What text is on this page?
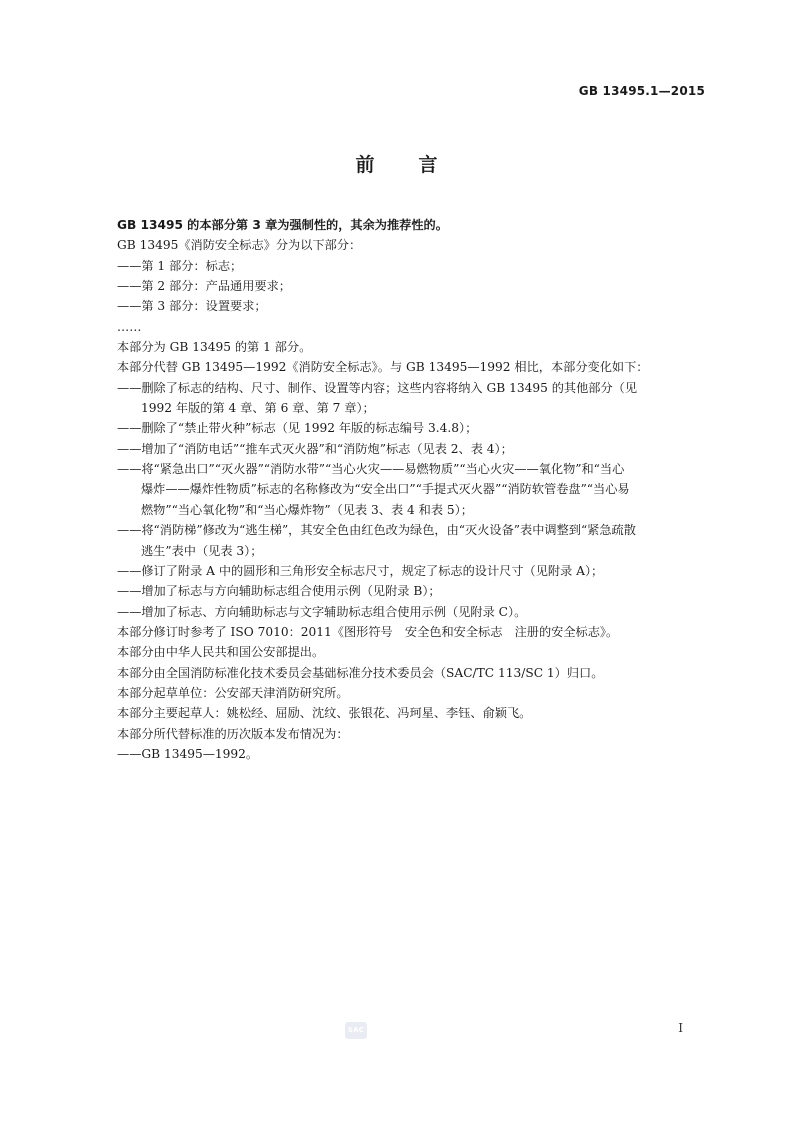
GB 13495.1—2015
前 言
GB 13495 的本部分第 3 章为强制性的，其余为推荐性的。
GB 13495《消防安全标志》分为以下部分：
——第 1 部分：标志；
——第 2 部分：产品通用要求；
——第 3 部分：设置要求；
……
本部分为 GB 13495 的第 1 部分。
本部分代替 GB 13495—1992《消防安全标志》。与 GB 13495—1992 相比，本部分变化如下：
——删除了标志的结构、尺寸、制作、设置等内容；这些内容将纳入 GB 13495 的其他部分（见
1992 年版的第 4 章、第 6 章、第 7 章）；
——删除了“禁止带火种”标志（见 1992 年版的标志编号 3.4.8）；
——增加了“消防电话”“推车式灭火器”和“消防炮”标志（见表 2、表 4）；
——将“紧急出口”“灭火器”“消防水带”“当心火灾——易燃物质”“当心火灾——氧化物”和“当心
爆炸——爆炸性物质”标志的名称修改为“安全出口”“手提式灭火器”“消防软管卷盘”“当心易
燃物”“当心氧化物”和“当心爆炸物”（见表 3、表 4 和表 5）；
——将“消防梯”修改为“逃生梯”，其安全色由红色改为绿色，由“灭火设备”表中调整到“紧急疏散
逃生”表中（见表 3）；
——修订了附录 A 中的圆形和三角形安全标志尺寸，规定了标志的设计尺寸（见附录 A）；
——增加了标志与方向辅助标志组合使用示例（见附录 B）；
——增加了标志、方向辅助标志与文字辅助标志组合使用示例（见附录 C）。
本部分修订时参考了 ISO 7010：2011《图形符号　安全色和安全标志　注册的安全标志》。
本部分由中华人民共和国公安部提出。
本部分由全国消防标准化技术委员会基础标准分技术委员会（SAC/TC 113/SC 1）归口。
本部分起草单位：公安部天津消防研究所。
本部分主要起草人：姚松经、屈励、沈纹、张银花、冯珂星、李钰、俞颖飞。
本部分所代替标准的历次版本发布情况为：
——GB 13495—1992。
SAC	I
